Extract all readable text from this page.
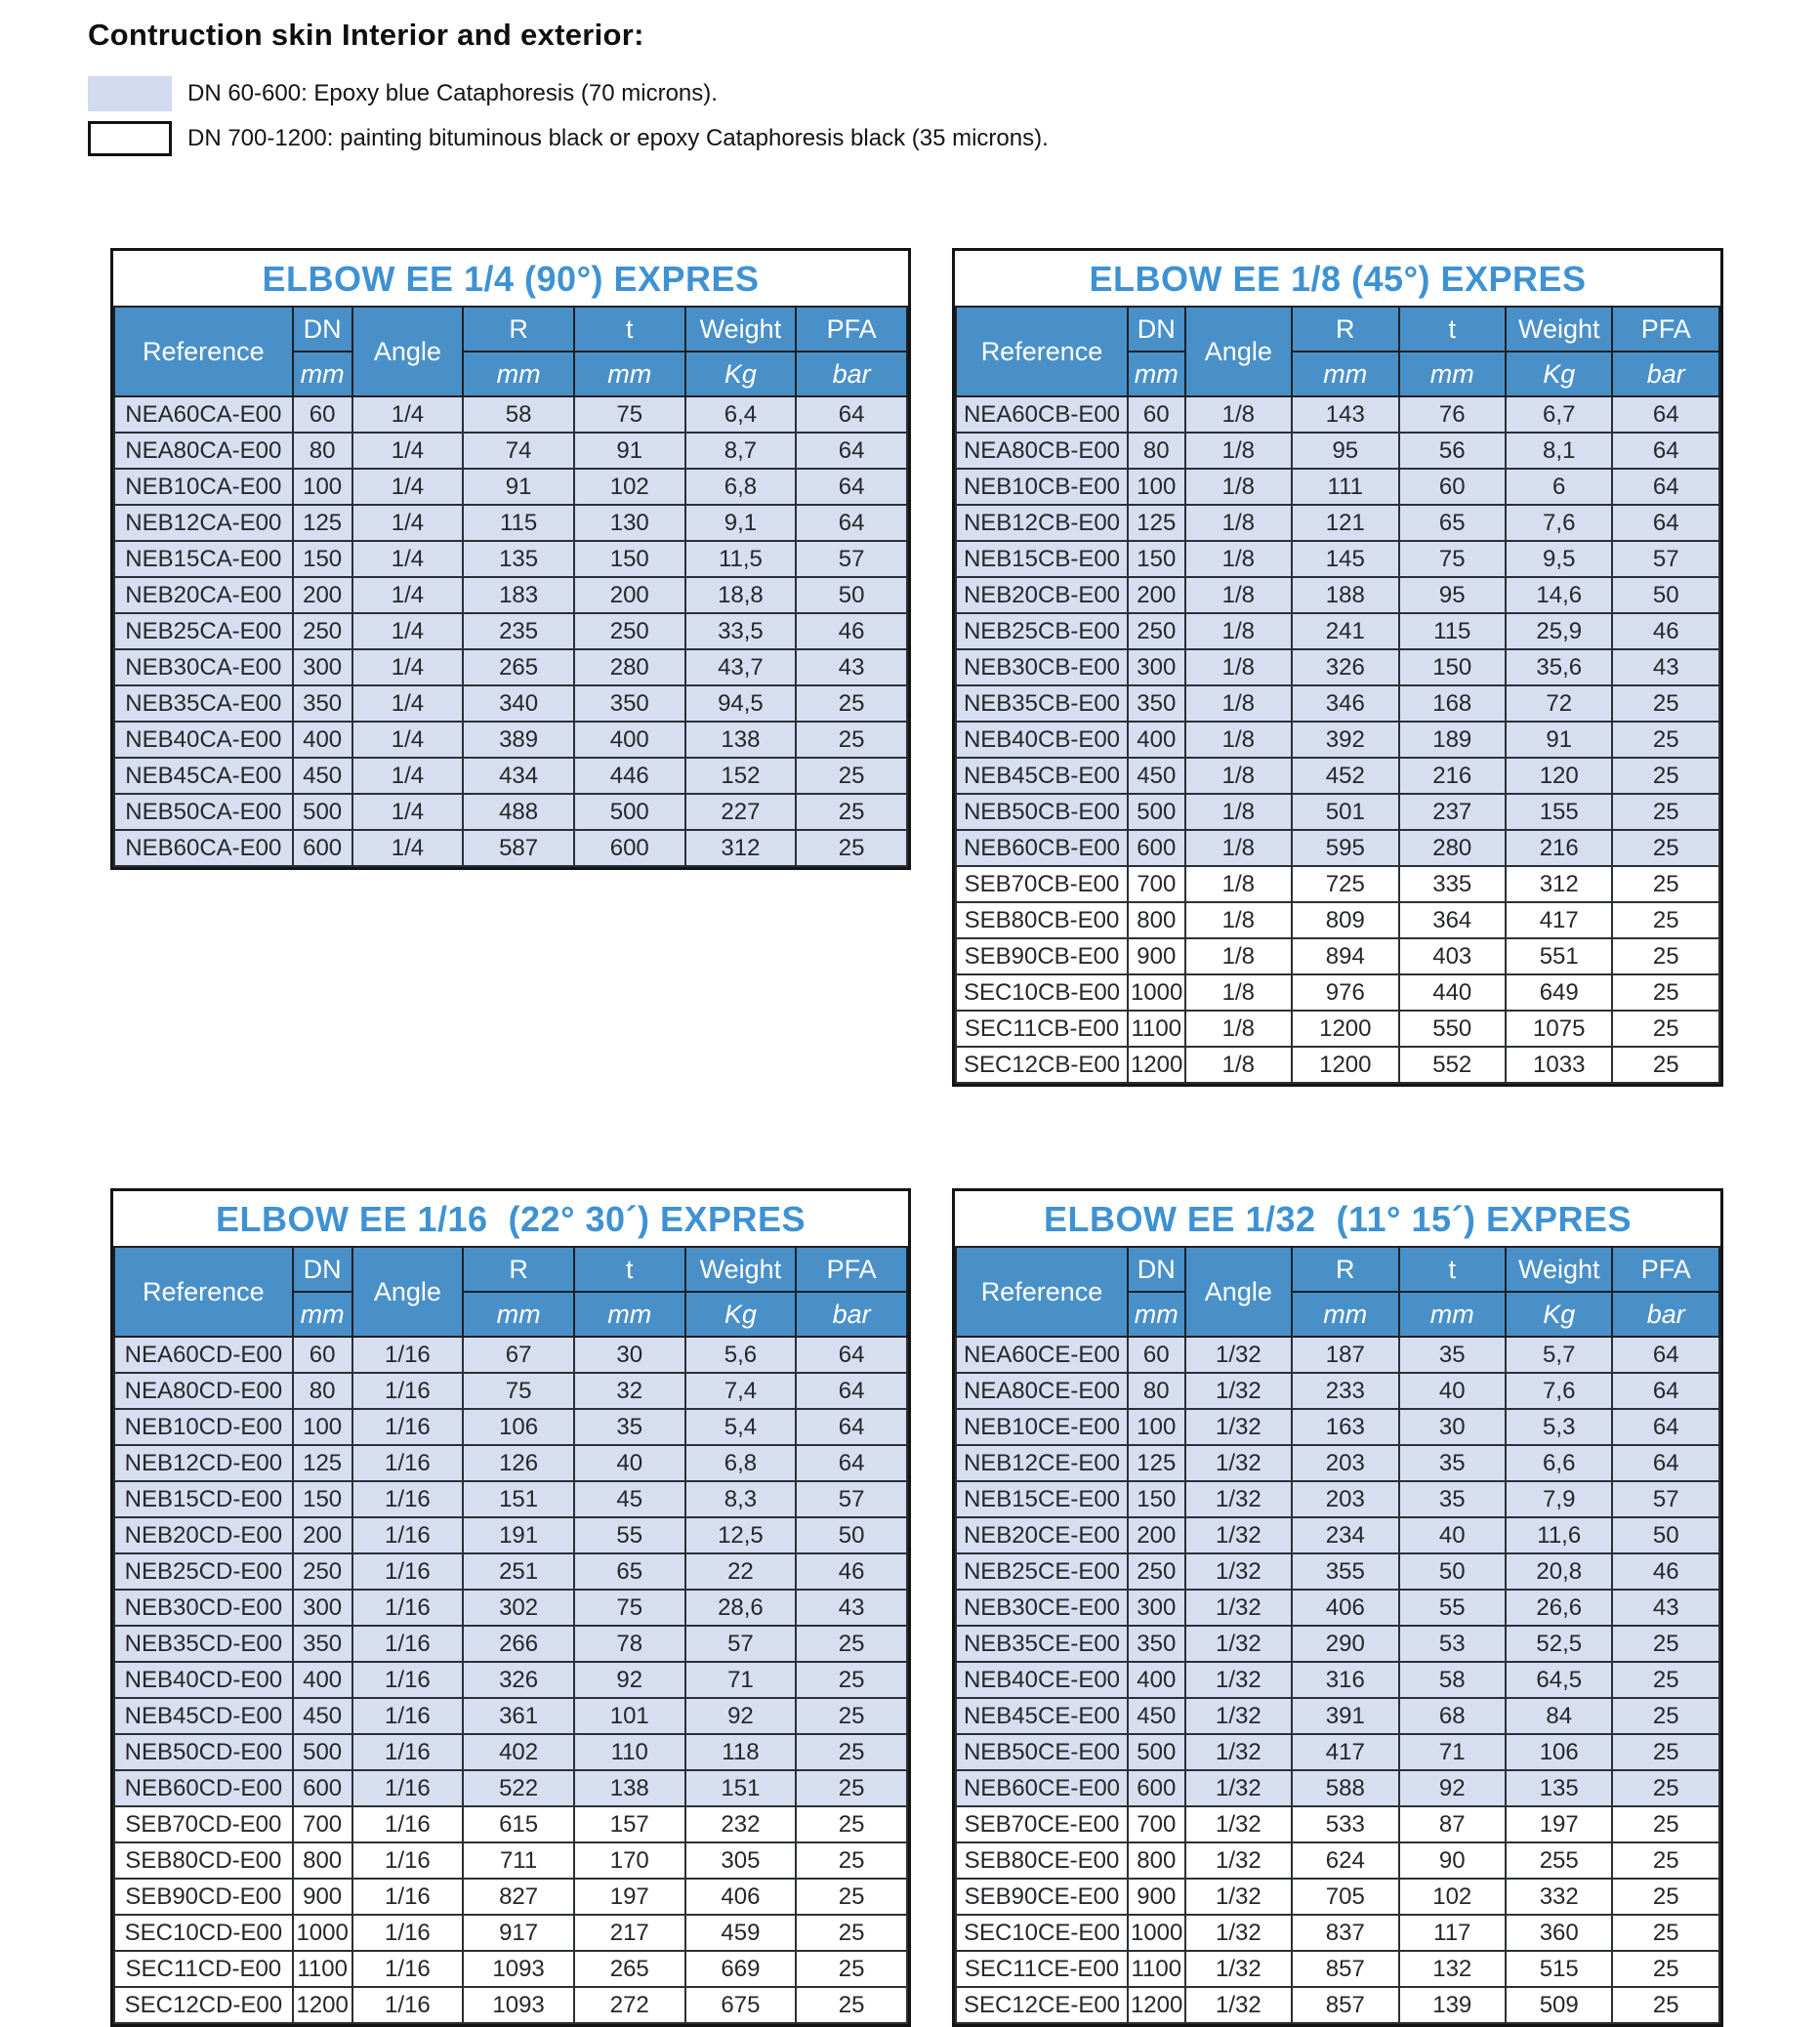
Contruction skin Interior and exterior:
DN 60-600: Epoxy blue Cataphoresis (70 microns).
DN 700-1200: painting bituminous black or epoxy Cataphoresis black (35 microns).
ELBOW EE 1/4 (90°) EXPRES
Reference	DN	Angle	R	t	Weight	PFA
	mm		mm	mm	Kg	bar
NEA60CA-E00	60	1/4	58	75	6,4	64
NEA80CA-E00	80	1/4	74	91	8,7	64
NEB10CA-E00	100	1/4	91	102	6,8	64
NEB12CA-E00	125	1/4	115	130	9,1	64
NEB15CA-E00	150	1/4	135	150	11,5	57
NEB20CA-E00	200	1/4	183	200	18,8	50
NEB25CA-E00	250	1/4	235	250	33,5	46
NEB30CA-E00	300	1/4	265	280	43,7	43
NEB35CA-E00	350	1/4	340	350	94,5	25
NEB40CA-E00	400	1/4	389	400	138	25
NEB45CA-E00	450	1/4	434	446	152	25
NEB50CA-E00	500	1/4	488	500	227	25
NEB60CA-E00	600	1/4	587	600	312	25
ELBOW EE 1/8 (45°) EXPRES
Reference	DN	Angle	R	t	Weight	PFA
	mm		mm	mm	Kg	bar
NEA60CB-E00	60	1/8	143	76	6,7	64
NEA80CB-E00	80	1/8	95	56	8,1	64
NEB10CB-E00	100	1/8	111	60	6	64
NEB12CB-E00	125	1/8	121	65	7,6	64
NEB15CB-E00	150	1/8	145	75	9,5	57
NEB20CB-E00	200	1/8	188	95	14,6	50
NEB25CB-E00	250	1/8	241	115	25,9	46
NEB30CB-E00	300	1/8	326	150	35,6	43
NEB35CB-E00	350	1/8	346	168	72	25
NEB40CB-E00	400	1/8	392	189	91	25
NEB45CB-E00	450	1/8	452	216	120	25
NEB50CB-E00	500	1/8	501	237	155	25
NEB60CB-E00	600	1/8	595	280	216	25
SEB70CB-E00	700	1/8	725	335	312	25
SEB80CB-E00	800	1/8	809	364	417	25
SEB90CB-E00	900	1/8	894	403	551	25
SEC10CB-E00	1000	1/8	976	440	649	25
SEC11CB-E00	1100	1/8	1200	550	1075	25
SEC12CB-E00	1200	1/8	1200	552	1033	25
ELBOW EE 1/16  (22° 30´) EXPRES
Reference	DN	Angle	R	t	Weight	PFA
	mm		mm	mm	Kg	bar
NEA60CD-E00	60	1/16	67	30	5,6	64
NEA80CD-E00	80	1/16	75	32	7,4	64
NEB10CD-E00	100	1/16	106	35	5,4	64
NEB12CD-E00	125	1/16	126	40	6,8	64
NEB15CD-E00	150	1/16	151	45	8,3	57
NEB20CD-E00	200	1/16	191	55	12,5	50
NEB25CD-E00	250	1/16	251	65	22	46
NEB30CD-E00	300	1/16	302	75	28,6	43
NEB35CD-E00	350	1/16	266	78	57	25
NEB40CD-E00	400	1/16	326	92	71	25
NEB45CD-E00	450	1/16	361	101	92	25
NEB50CD-E00	500	1/16	402	110	118	25
NEB60CD-E00	600	1/16	522	138	151	25
SEB70CD-E00	700	1/16	615	157	232	25
SEB80CD-E00	800	1/16	711	170	305	25
SEB90CD-E00	900	1/16	827	197	406	25
SEC10CD-E00	1000	1/16	917	217	459	25
SEC11CD-E00	1100	1/16	1093	265	669	25
SEC12CD-E00	1200	1/16	1093	272	675	25
ELBOW EE 1/32  (11° 15´) EXPRES
Reference	DN	Angle	R	t	Weight	PFA
	mm		mm	mm	Kg	bar
NEA60CE-E00	60	1/32	187	35	5,7	64
NEA80CE-E00	80	1/32	233	40	7,6	64
NEB10CE-E00	100	1/32	163	30	5,3	64
NEB12CE-E00	125	1/32	203	35	6,6	64
NEB15CE-E00	150	1/32	203	35	7,9	57
NEB20CE-E00	200	1/32	234	40	11,6	50
NEB25CE-E00	250	1/32	355	50	20,8	46
NEB30CE-E00	300	1/32	406	55	26,6	43
NEB35CE-E00	350	1/32	290	53	52,5	25
NEB40CE-E00	400	1/32	316	58	64,5	25
NEB45CE-E00	450	1/32	391	68	84	25
NEB50CE-E00	500	1/32	417	71	106	25
NEB60CE-E00	600	1/32	588	92	135	25
SEB70CE-E00	700	1/32	533	87	197	25
SEB80CE-E00	800	1/32	624	90	255	25
SEB90CE-E00	900	1/32	705	102	332	25
SEC10CE-E00	1000	1/32	837	117	360	25
SEC11CE-E00	1100	1/32	857	132	515	25
SEC12CE-E00	1200	1/32	857	139	509	25
